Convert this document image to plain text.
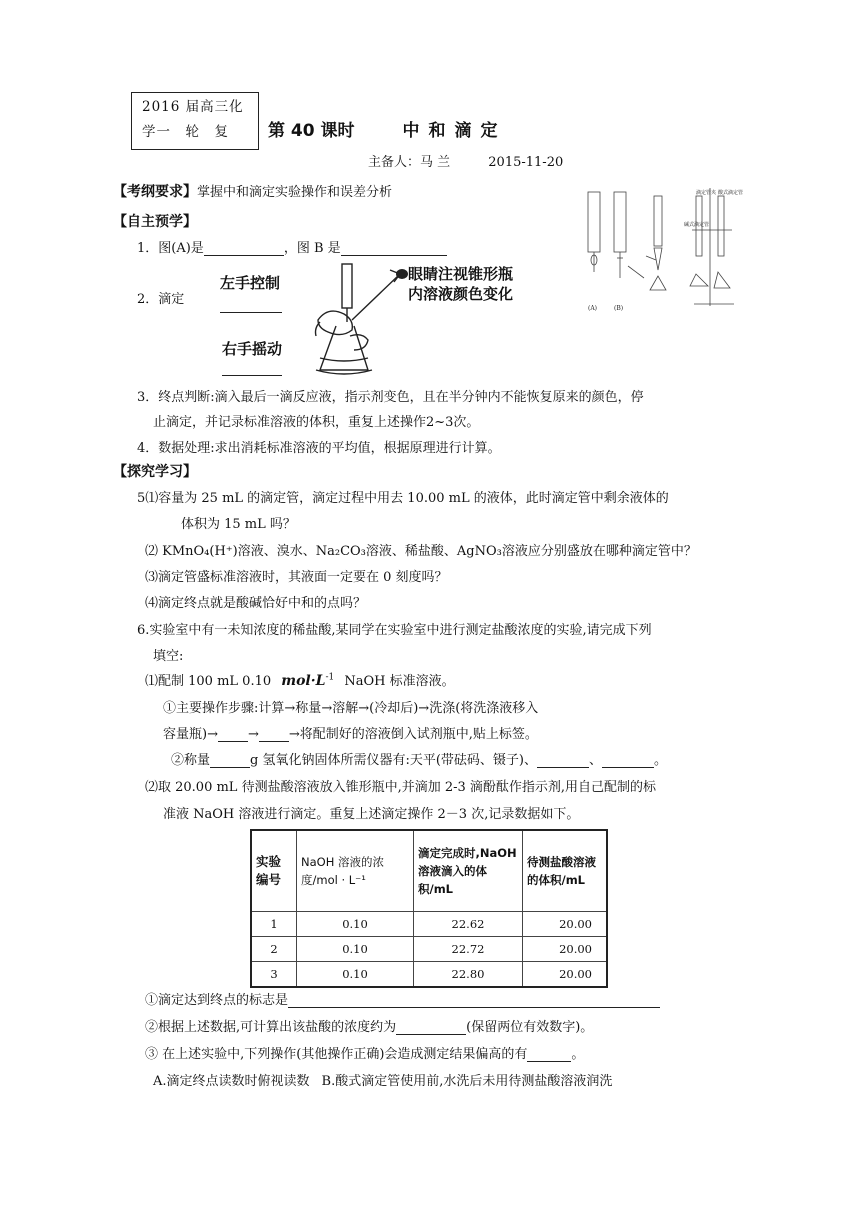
2016 届高三化
学一　轮　复	第 40 课时	中和滴定
主备人：马 兰	2015-11-20
【考纲要求】掌握中和滴定实验操作和误差分析
【自主预学】
1．图(A)是	，图 B 是
2．滴定
左手控制
右手摇动
眼睛注视锥形瓶
内溶液颜色变化
(A)	(B)
滴定管夹
碱式滴定管
酸式滴定管
3．终点判断:滴入最后一滴反应液，指示剂变色，且在半分钟内不能恢复原来的颜色，停
止滴定，并记录标准溶液的体积，重复上述操作2~3次。
4．数据处理:求出消耗标准溶液的平均值，根据原理进行计算。
【探究学习】
5⑴容量为 25 mL 的滴定管，滴定过程中用去 10.00 mL 的液体，此时滴定管中剩余液体的
体积为 15 mL 吗？
⑵ KMnO₄(H⁺)溶液、溴水、Na₂CO₃溶液、稀盐酸、AgNO₃溶液应分别盛放在哪种滴定管中？
⑶滴定管盛标准溶液时，其液面一定要在 0 刻度吗？
⑷滴定终点就是酸碱恰好中和的点吗？
6.实验室中有一未知浓度的稀盐酸,某同学在实验室中进行测定盐酸浓度的实验,请完成下列
填空:
⑴配制 100 mL 0.10 $mol\cdot L^{-1}$ NaOH 标准溶液。
①主要操作步骤:计算→称量→溶解→(冷却后)→洗涤(将洗涤液移入
容量瓶)→ → →将配制好的溶液倒入试剂瓶中,贴上标签。
②称量	g 氢氧化钠固体所需仪器有:天平(带砝码、镊子)、	、	。
⑵取 20.00 mL 待测盐酸溶液放入锥形瓶中,并滴加 2-3 滴酚酞作指示剂,用自己配制的标
准液 NaOH 溶液进行滴定。重复上述滴定操作 2－3 次,记录数据如下。
实验编号	NaOH 溶液的浓 度/mol · L⁻¹	滴定完成时,NaOH 溶液滴入的体积/mL	待测盐酸溶液的体积/mL
1	0.10	22.62	20.00
2	0.10	22.72	20.00
3	0.10	22.80	20.00
①滴定达到终点的标志是
②根据上述数据,可计算出该盐酸的浓度约为	(保留两位有效数字)。
③ 在上述实验中,下列操作(其他操作正确)会造成测定结果偏高的有	。
A.滴定终点读数时俯视读数 B.酸式滴定管使用前,水洗后未用待测盐酸溶液润洗
